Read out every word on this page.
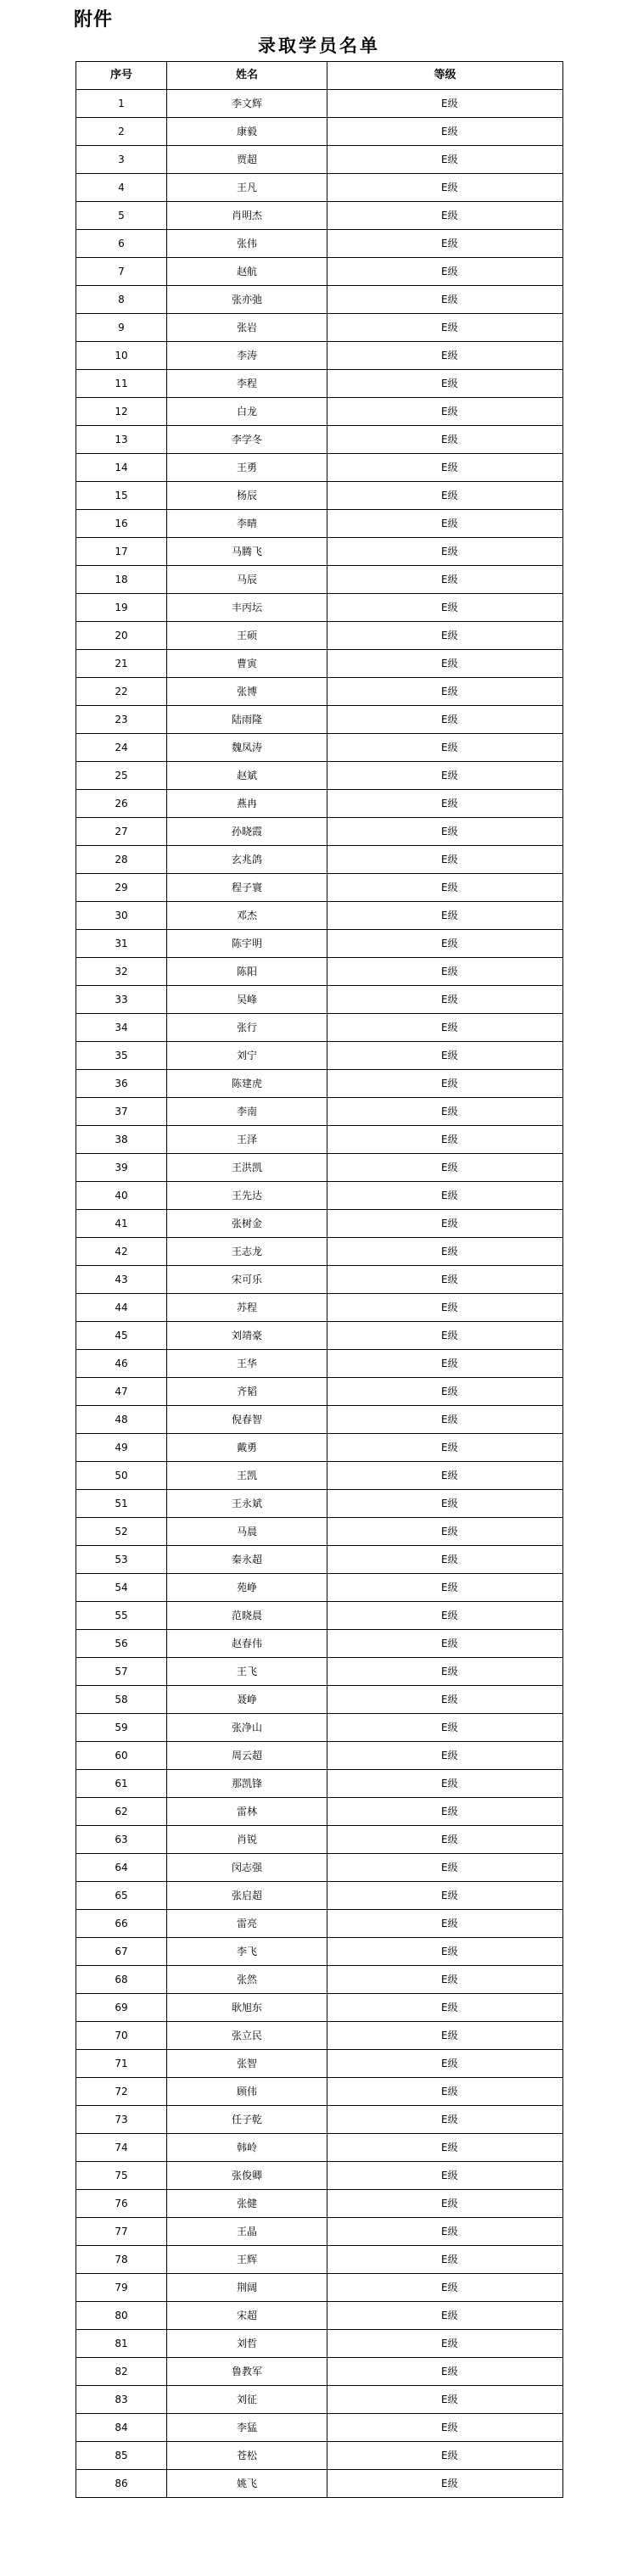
附件
录取学员名单
序号	姓名	等级
1	李文辉	E级
2	康毅	E级
3	贾超	E级
4	王凡	E级
5	肖明杰	E级
6	张伟	E级
7	赵航	E级
8	张亦弛	E级
9	张岩	E级
10	李涛	E级
11	李程	E级
12	白龙	E级
13	李学冬	E级
14	王勇	E级
15	杨辰	E级
16	李晴	E级
17	马腾飞	E级
18	马辰	E级
19	丰丙坛	E级
20	王硕	E级
21	曹寅	E级
22	张博	E级
23	陆雨隆	E级
24	魏凤涛	E级
25	赵斌	E级
26	燕冉	E级
27	孙晓霞	E级
28	玄兆鸽	E级
29	程子寰	E级
30	邓杰	E级
31	陈宇明	E级
32	陈阳	E级
33	吴峰	E级
34	张行	E级
35	刘宁	E级
36	陈建虎	E级
37	李南	E级
38	王泽	E级
39	王洪凯	E级
40	王先达	E级
41	张树金	E级
42	王志龙	E级
43	宋可乐	E级
44	苏程	E级
45	刘靖豪	E级
46	王华	E级
47	齐韬	E级
48	倪春智	E级
49	戴勇	E级
50	王凯	E级
51	王永斌	E级
52	马晨	E级
53	秦永超	E级
54	苑峥	E级
55	范晓晨	E级
56	赵春伟	E级
57	王飞	E级
58	聂峥	E级
59	张净山	E级
60	周云超	E级
61	那凯锋	E级
62	雷林	E级
63	肖锐	E级
64	闵志强	E级
65	张启超	E级
66	雷亮	E级
67	李飞	E级
68	张然	E级
69	耿旭东	E级
70	张立民	E级
71	张智	E级
72	顾伟	E级
73	任子乾	E级
74	韩岭	E级
75	张俊卿	E级
76	张健	E级
77	王晶	E级
78	王辉	E级
79	荆阔	E级
80	宋超	E级
81	刘哲	E级
82	鲁教军	E级
83	刘征	E级
84	李猛	E级
85	苍松	E级
86	姚飞	E级
